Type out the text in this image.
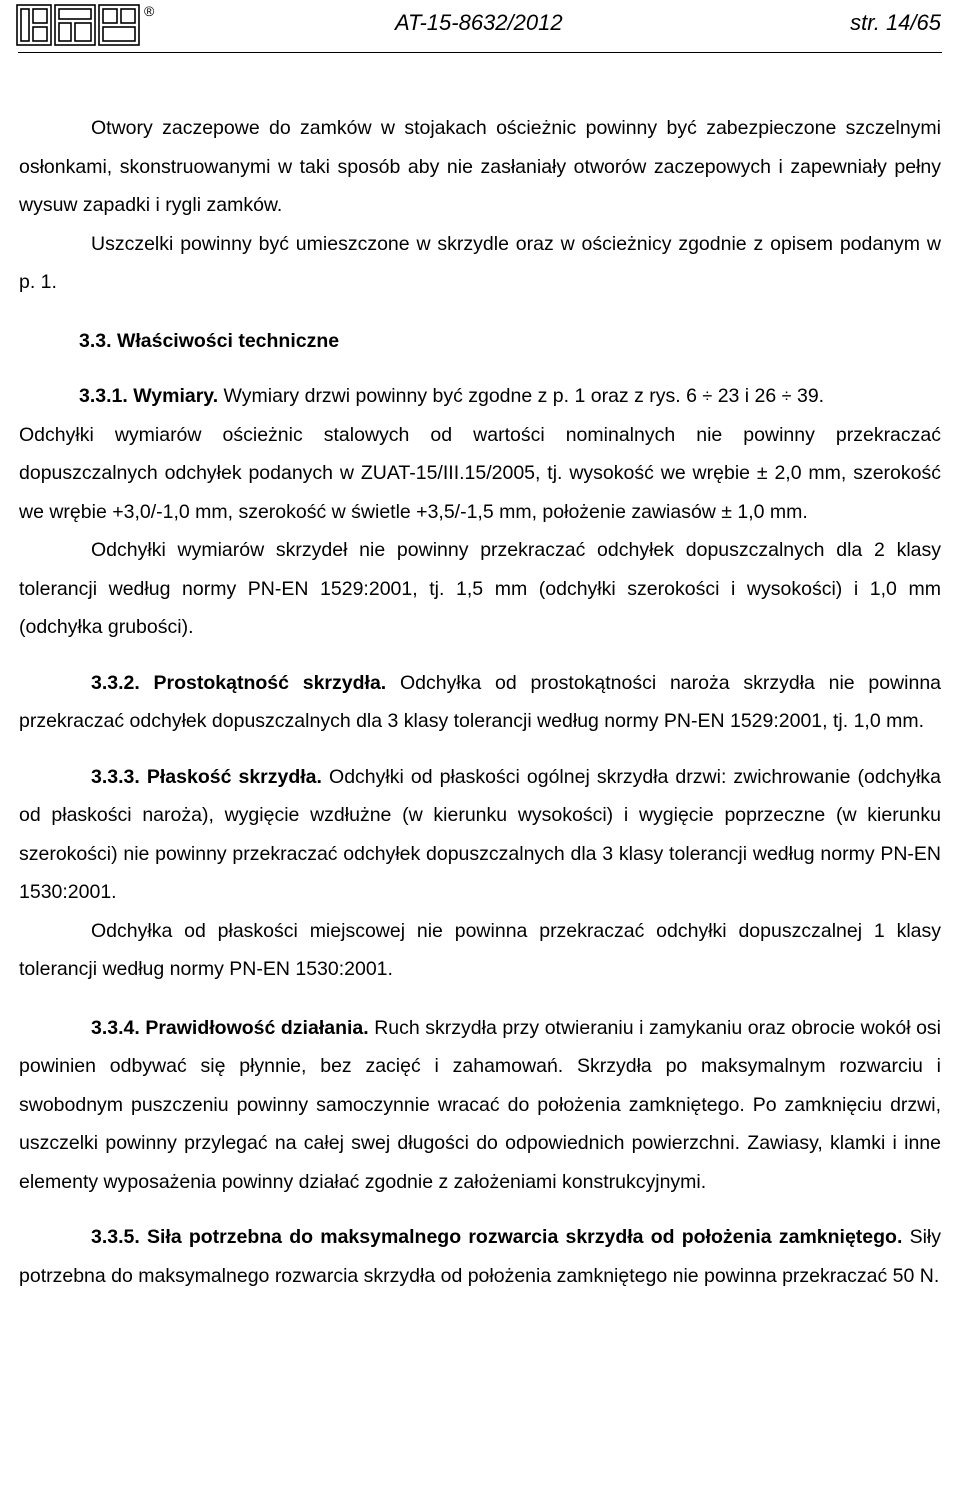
®	AT-15-8632/2012	str. 14/65

Otwory zaczepowe do zamków w stojakach ościeżnic powinny być zabezpieczone szczelnymi osłonkami, skonstruowanymi w taki sposób aby nie zasłaniały otworów zaczepowych i zapewniały pełny wysuw zapadki i rygli zamków.

Uszczelki powinny być umieszczone w skrzydle oraz w ościeżnicy zgodnie z opisem podanym w p. 1.

3.3. Właściwości techniczne

3.3.1. Wymiary. Wymiary drzwi powinny być zgodne z p. 1 oraz z rys. 6 ÷ 23 i 26 ÷ 39.

Odchyłki wymiarów ościeżnic stalowych od wartości nominalnych nie powinny przekraczać dopuszczalnych odchyłek podanych w ZUAT-15/III.15/2005, tj. wysokość we wrębie ± 2,0 mm, szerokość we wrębie +3,0/-1,0 mm, szerokość w świetle +3,5/-1,5 mm, położenie zawiasów ± 1,0 mm.

Odchyłki wymiarów skrzydeł nie powinny przekraczać odchyłek dopuszczalnych dla 2 klasy tolerancji według normy PN-EN 1529:2001, tj. 1,5 mm (odchyłki szerokości i wysokości) i 1,0 mm (odchyłka grubości).

3.3.2. Prostokątność skrzydła. Odchyłka od prostokątności naroża skrzydła nie powinna przekraczać odchyłek dopuszczalnych dla 3 klasy tolerancji według normy PN-EN 1529:2001, tj. 1,0 mm.

3.3.3. Płaskość skrzydła. Odchyłki od płaskości ogólnej skrzydła drzwi: zwichrowanie (odchyłka od płaskości naroża), wygięcie wzdłużne (w kierunku wysokości) i wygięcie poprzeczne (w kierunku szerokości) nie powinny przekraczać odchyłek dopuszczalnych dla 3 klasy tolerancji według normy PN-EN 1530:2001.

Odchyłka od płaskości miejscowej nie powinna przekraczać odchyłki dopuszczalnej 1 klasy tolerancji według normy PN-EN 1530:2001.

3.3.4. Prawidłowość działania. Ruch skrzydła przy otwieraniu i zamykaniu oraz obrocie wokół osi powinien odbywać się płynnie, bez zacięć i zahamowań. Skrzydła po maksymalnym rozwarciu i swobodnym puszczeniu powinny samoczynnie wracać do położenia zamkniętego. Po zamknięciu drzwi, uszczelki powinny przylegać na całej swej długości do odpowiednich powierzchni. Zawiasy, klamki i inne elementy wyposażenia powinny działać zgodnie z założeniami konstrukcyjnymi.

3.3.5. Siła potrzebna do maksymalnego rozwarcia skrzydła od położenia zamkniętego. Siły potrzebna do maksymalnego rozwarcia skrzydła od położenia zamkniętego nie powinna przekraczać 50 N.
